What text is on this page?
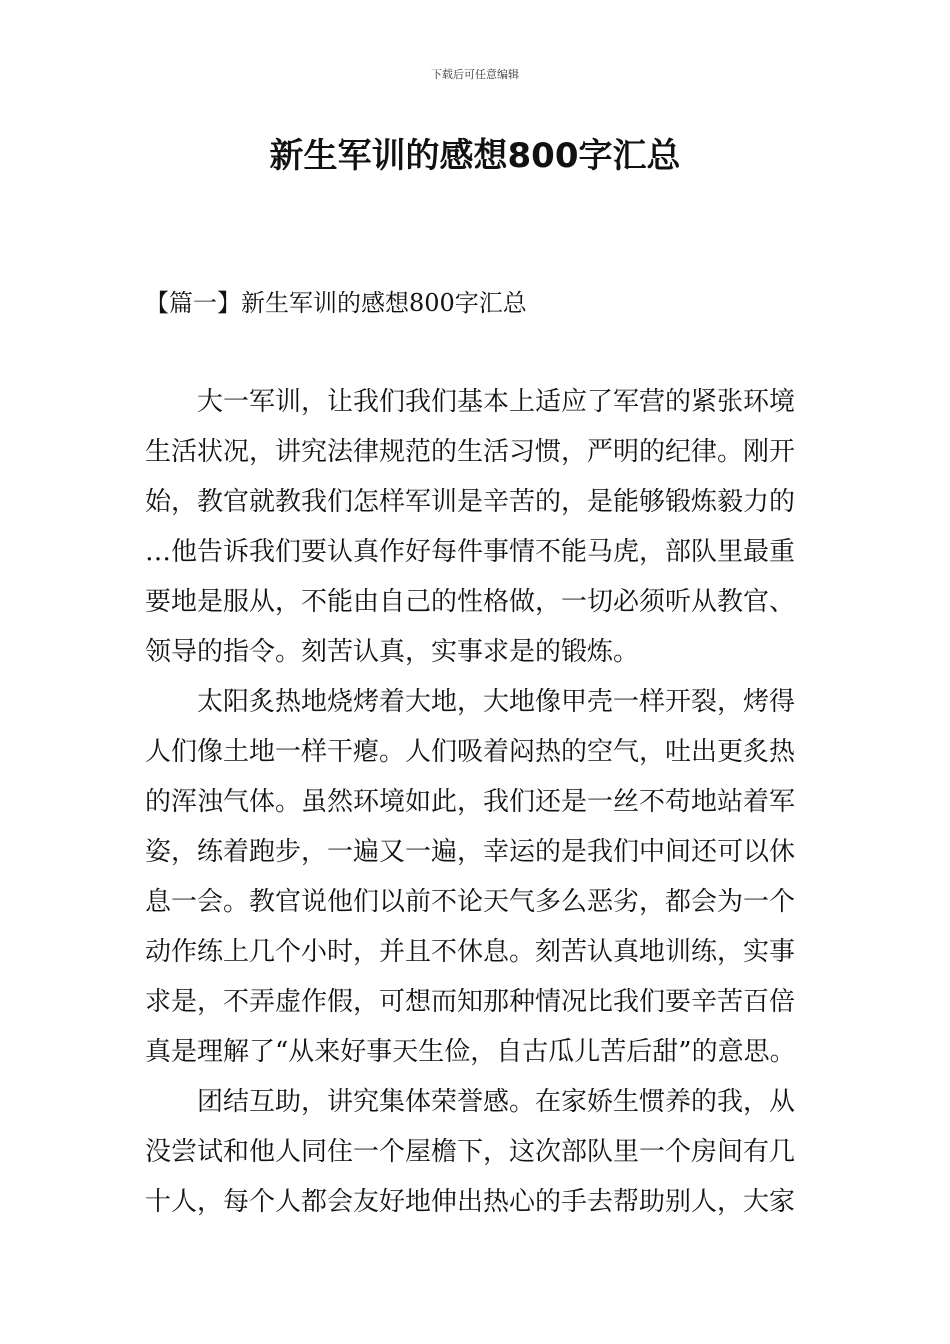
下载后可任意编辑
新生军训的感想800字汇总
【篇一】新生军训的感想800字汇总

大一军训，让我们我们基本上适应了军营的紧张环境
生活状况，讲究法律规范的生活习惯，严明的纪律。刚开
始，教官就教我们怎样军训是辛苦的，是能够锻炼毅力的
…他告诉我们要认真作好每件事情不能马虎，部队里最重
要地是服从，不能由自己的性格做，一切必须听从教官、
领导的指令。刻苦认真，实事求是的锻炼。

太阳炙热地烧烤着大地，大地像甲壳一样开裂，烤得
人们像土地一样干瘪。人们吸着闷热的空气，吐出更炙热
的浑浊气体。虽然环境如此，我们还是一丝不苟地站着军
姿，练着跑步，一遍又一遍，幸运的是我们中间还可以休
息一会。教官说他们以前不论天气多么恶劣，都会为一个
动作练上几个小时，并且不休息。刻苦认真地训练，实事
求是，不弄虚作假，可想而知那种情况比我们要辛苦百倍
真是理解了“从来好事天生俭，自古瓜儿苦后甜”的意思。

团结互助，讲究集体荣誉感。在家娇生惯养的我，从
没尝试和他人同住一个屋檐下，这次部队里一个房间有几
十人，每个人都会友好地伸出热心的手去帮助别人，大家
